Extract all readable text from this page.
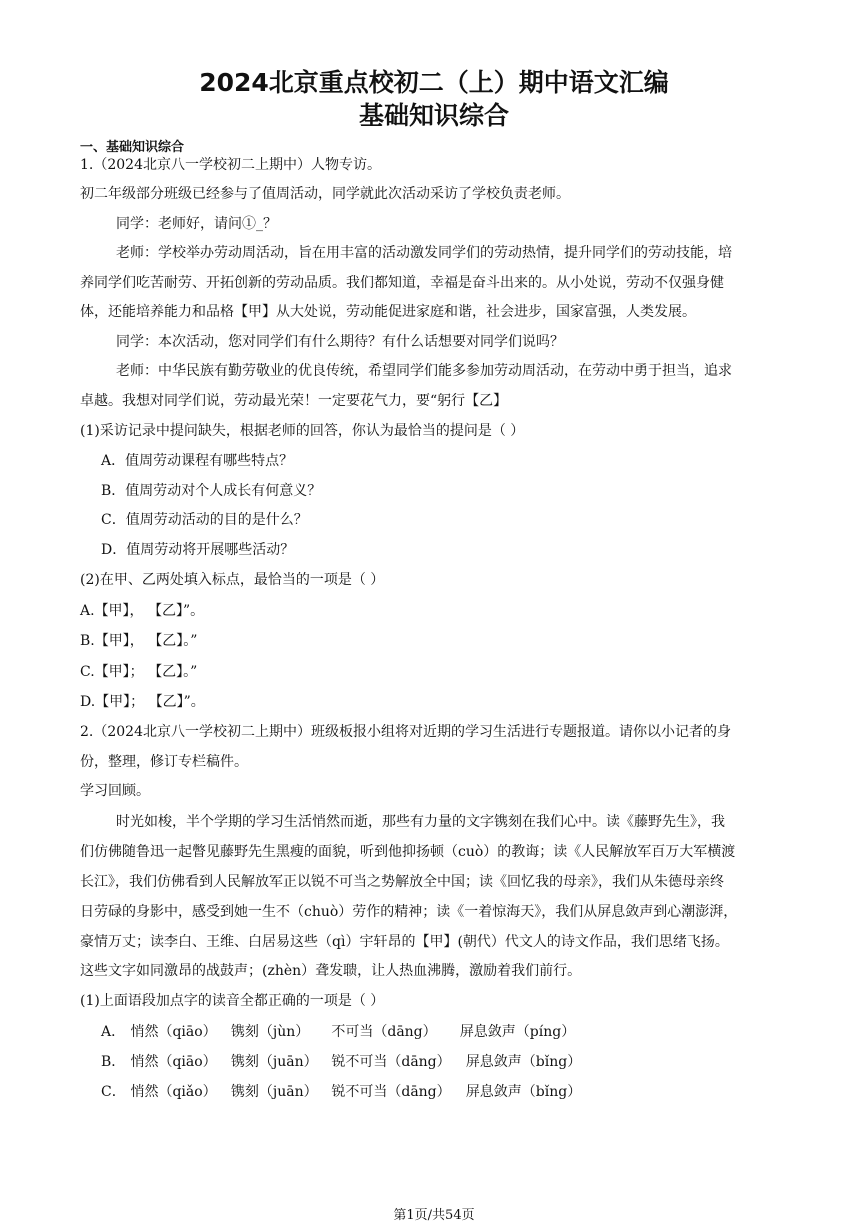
2024北京重点校初二（上）期中语文汇编
基础知识综合
一、基础知识综合
1.（2024北京八一学校初二上期中）人物专访。
初二年级部分班级已经参与了值周活动，同学就此次活动采访了学校负责老师。
同学：老师好，请问①_？
老师：学校举办劳动周活动，旨在用丰富的活动激发同学们的劳动热情，提升同学们的劳动技能，培
养同学们吃苦耐劳、开拓创新的劳动品质。我们都知道，幸福是奋斗出来的。从小处说，劳动不仅强身健
体，还能培养能力和品格【甲】从大处说，劳动能促进家庭和谐，社会进步，国家富强，人类发展。
同学：本次活动，您对同学们有什么期待？有什么话想要对同学们说吗？
老师：中华民族有勤劳敬业的优良传统，希望同学们能多参加劳动周活动，在劳动中勇于担当，追求
卓越。我想对同学们说，劳动最光荣！一定要花气力，要“躬行【乙】
(1)采访记录中提问缺失，根据老师的回答，你认为最恰当的提问是（ ）
A．值周劳动课程有哪些特点？
B．值周劳动对个人成长有何意义？
C．值周劳动活动的目的是什么？
D．值周劳动将开展哪些活动？
(2)在甲、乙两处填入标点，最恰当的一项是（ ）
A.【甲】， 【乙】”。
B.【甲】， 【乙】。”
C.【甲】； 【乙】。”
D.【甲】； 【乙】”。
2.（2024北京八一学校初二上期中）班级板报小组将对近期的学习生活进行专题报道。请你以小记者的身
份，整理，修订专栏稿件。
学习回顾。
时光如梭，半个学期的学习生活悄然而逝，那些有力量的文字镌刻在我们心中。读《藤野先生》，我
们仿佛随鲁迅一起瞥见藤野先生黑瘦的面貌，听到他抑扬顿（cuò）的教诲；读《人民解放军百万大军横渡
长江》，我们仿佛看到人民解放军正以锐不可当之势解放全中国；读《回忆我的母亲》，我们从朱德母亲终
日劳碌的身影中，感受到她一生不（chuò）劳作的精神；读《一着惊海天》，我们从屏息敛声到心潮澎湃，
豪情万丈；读李白、王维、白居易这些（qì）宇轩昂的【甲】(朝代）代文人的诗文作品，我们思绪飞扬。
这些文字如同激昂的战鼓声；(zhèn）聋发聩，让人热血沸腾，激励着我们前行。
(1)上面语段加点字的读音全都正确的一项是（ ）
A． 悄然（qiāo） 镌刻（jùn） 不可当（dāng） 屏息敛声（píng）
B． 悄然（qiāo） 镌刻（juān） 锐不可当（dāng） 屏息敛声（bǐng）
C． 悄然（qiǎo） 镌刻（juān） 锐不可当（dāng） 屏息敛声（bǐng）
第1页/共54页
